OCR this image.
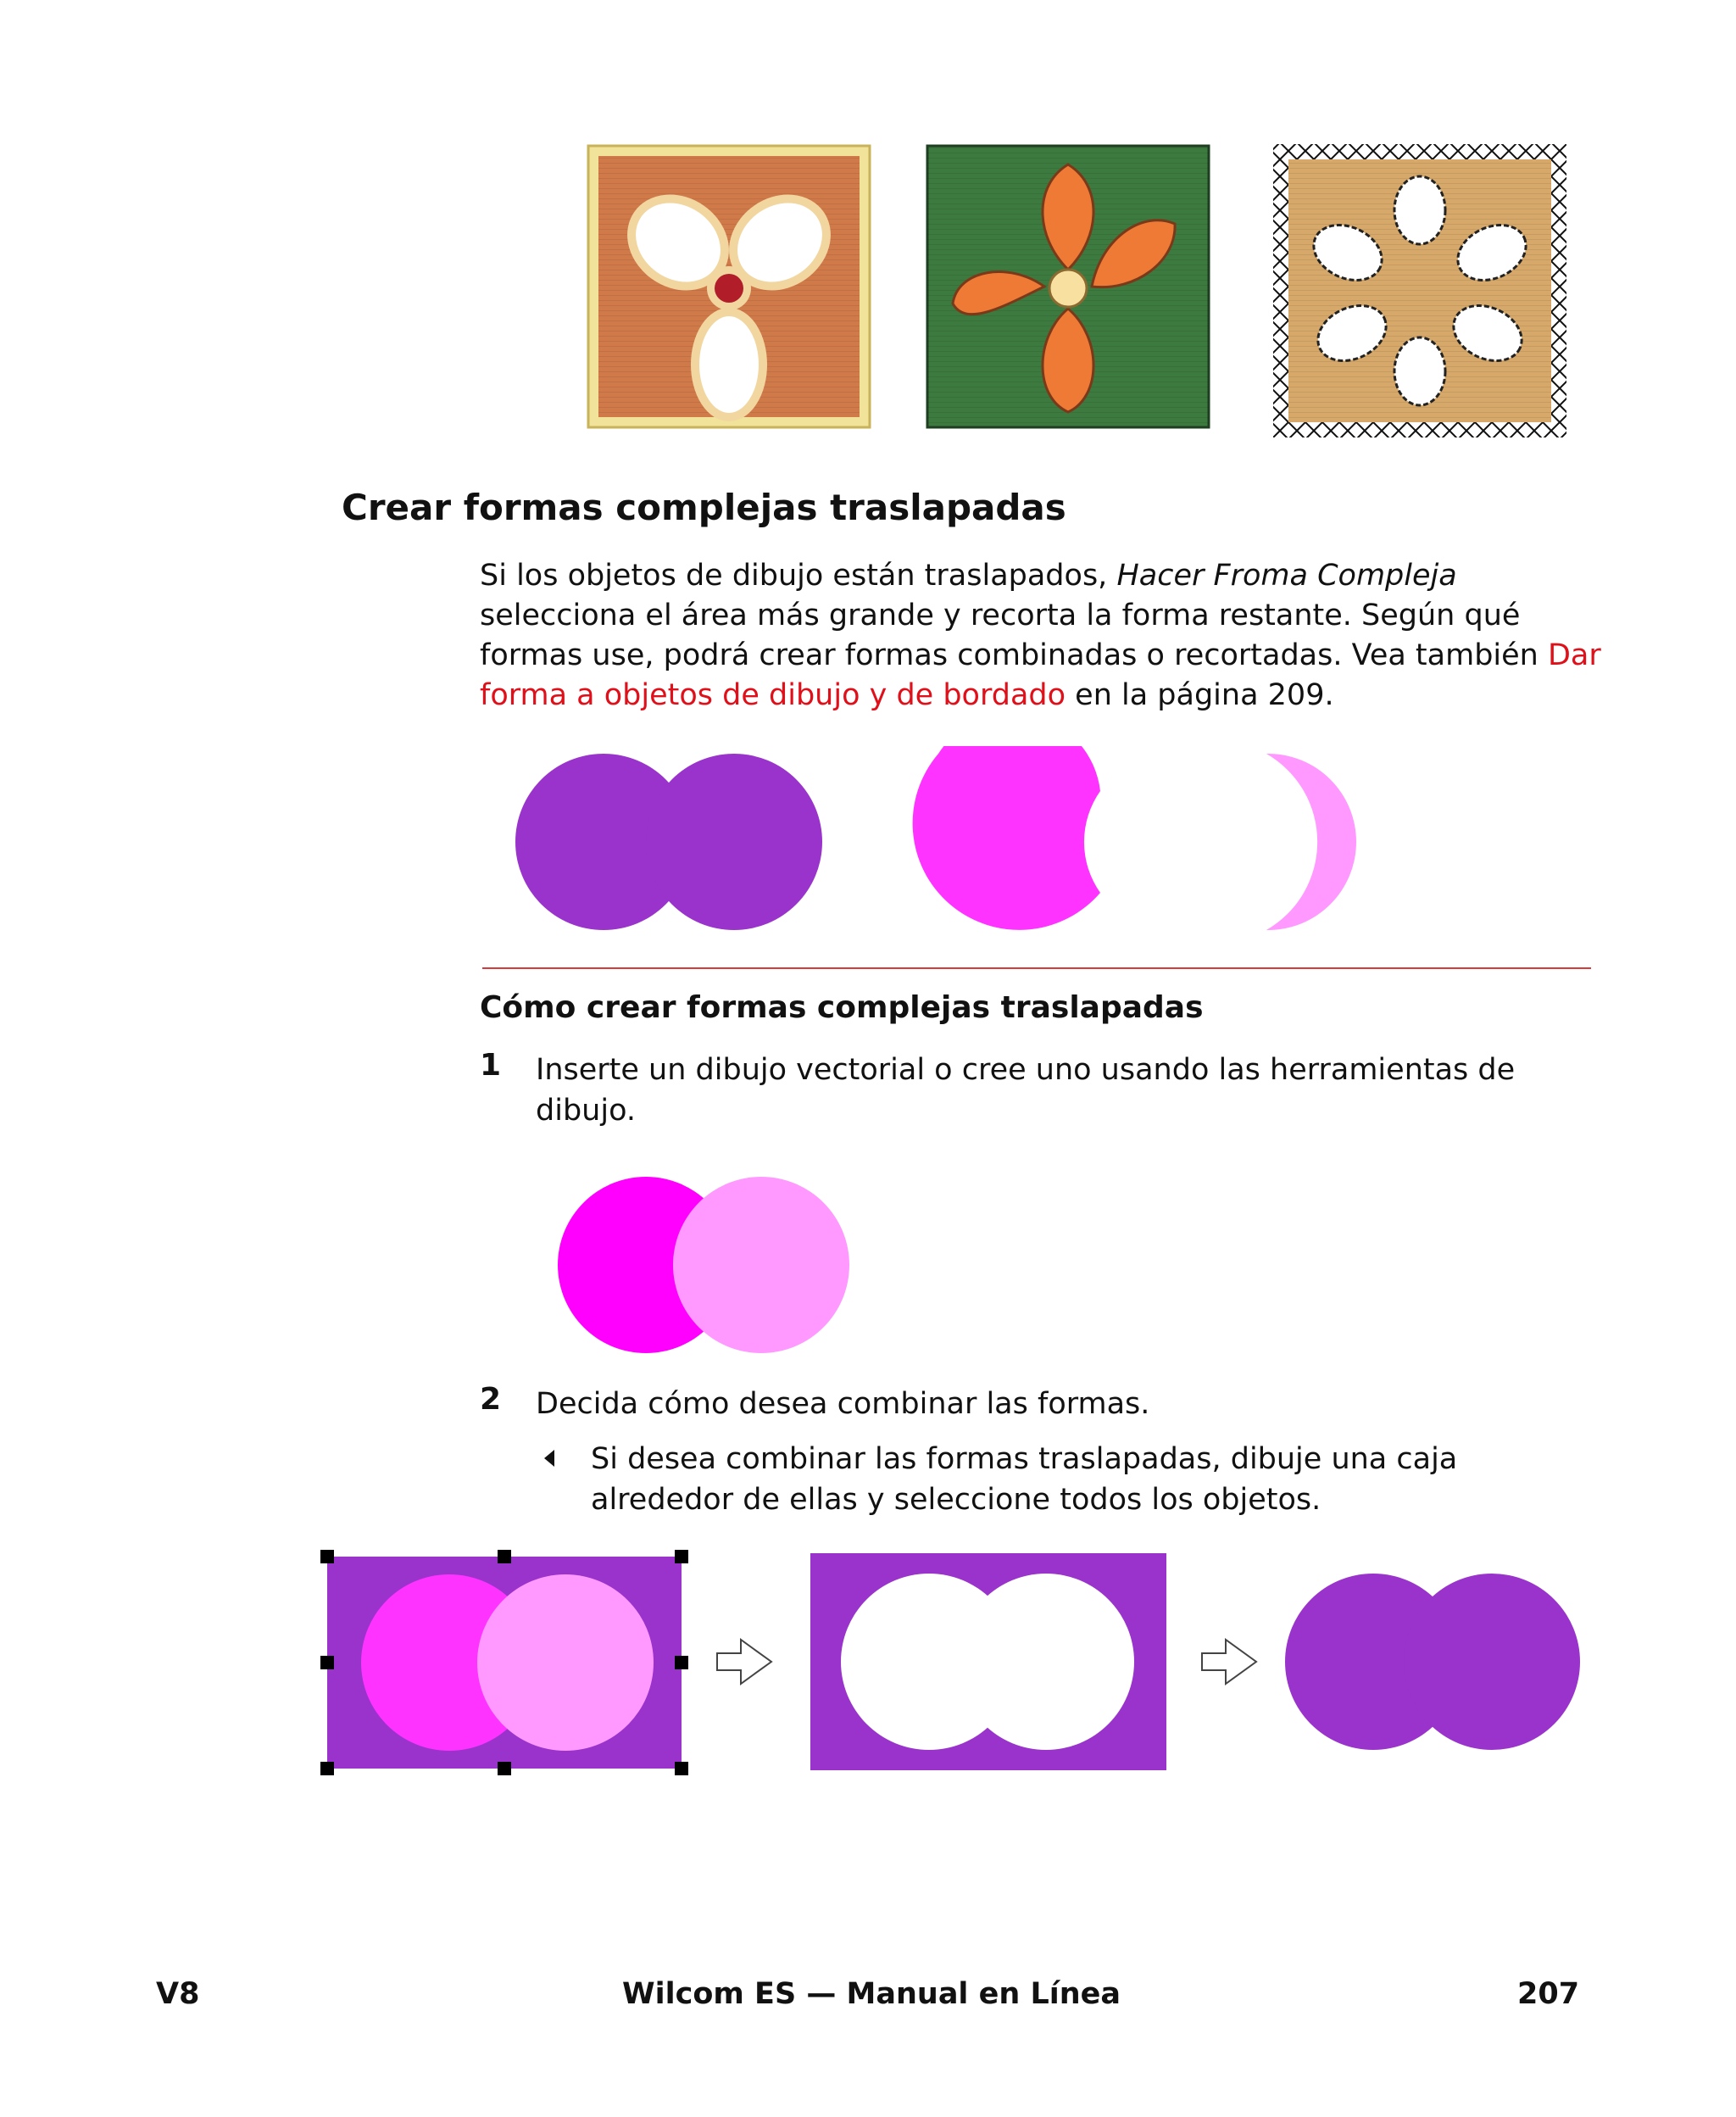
Crear formas complejas traslapadas
Si los objetos de dibujo están traslapados, Hacer Froma Compleja selecciona el área más grande y recorta la forma restante. Según qué formas use, podrá crear formas combinadas o recortadas. Vea también Dar forma a objetos de dibujo y de bordado en la página 209.
Cómo crear formas complejas traslapadas
1 Inserte un dibujo vectorial o cree uno usando las herramientas de dibujo.
2 Decida cómo desea combinar las formas.
Si desea combinar las formas traslapadas, dibuje una caja alrededor de ellas y seleccione todos los objetos.
V8	Wilcom ES — Manual en Línea	207
